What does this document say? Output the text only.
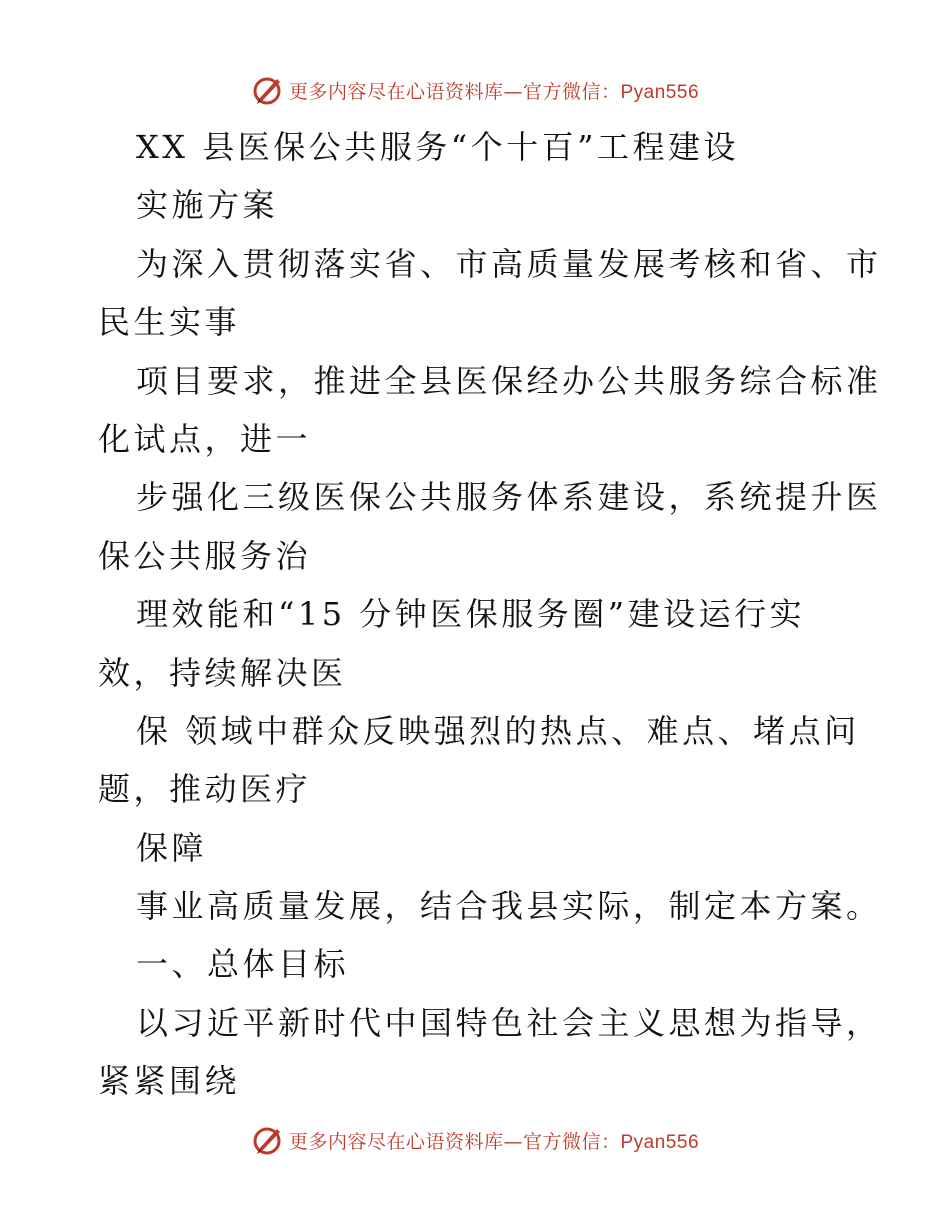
更多内容尽在心语资料库—官方微信：Pyan556
XX 县医保公共服务“个十百”工程建设
实施方案
为深入贯彻落实省、市高质量发展考核和省、市
民生实事
项目要求，推进全县医保经办公共服务综合标准
化试点，进一
步强化三级医保公共服务体系建设，系统提升医
保公共服务治
理效能和“15 分钟医保服务圈”建设运行实
效，持续解决医
保 领域中群众反映强烈的热点、难点、堵点问
题，推动医疗
保障
事业高质量发展，结合我县实际，制定本方案。
一、总体目标
以习近平新时代中国特色社会主义思想为指导，
紧紧围绕
更多内容尽在心语资料库—官方微信：Pyan556
